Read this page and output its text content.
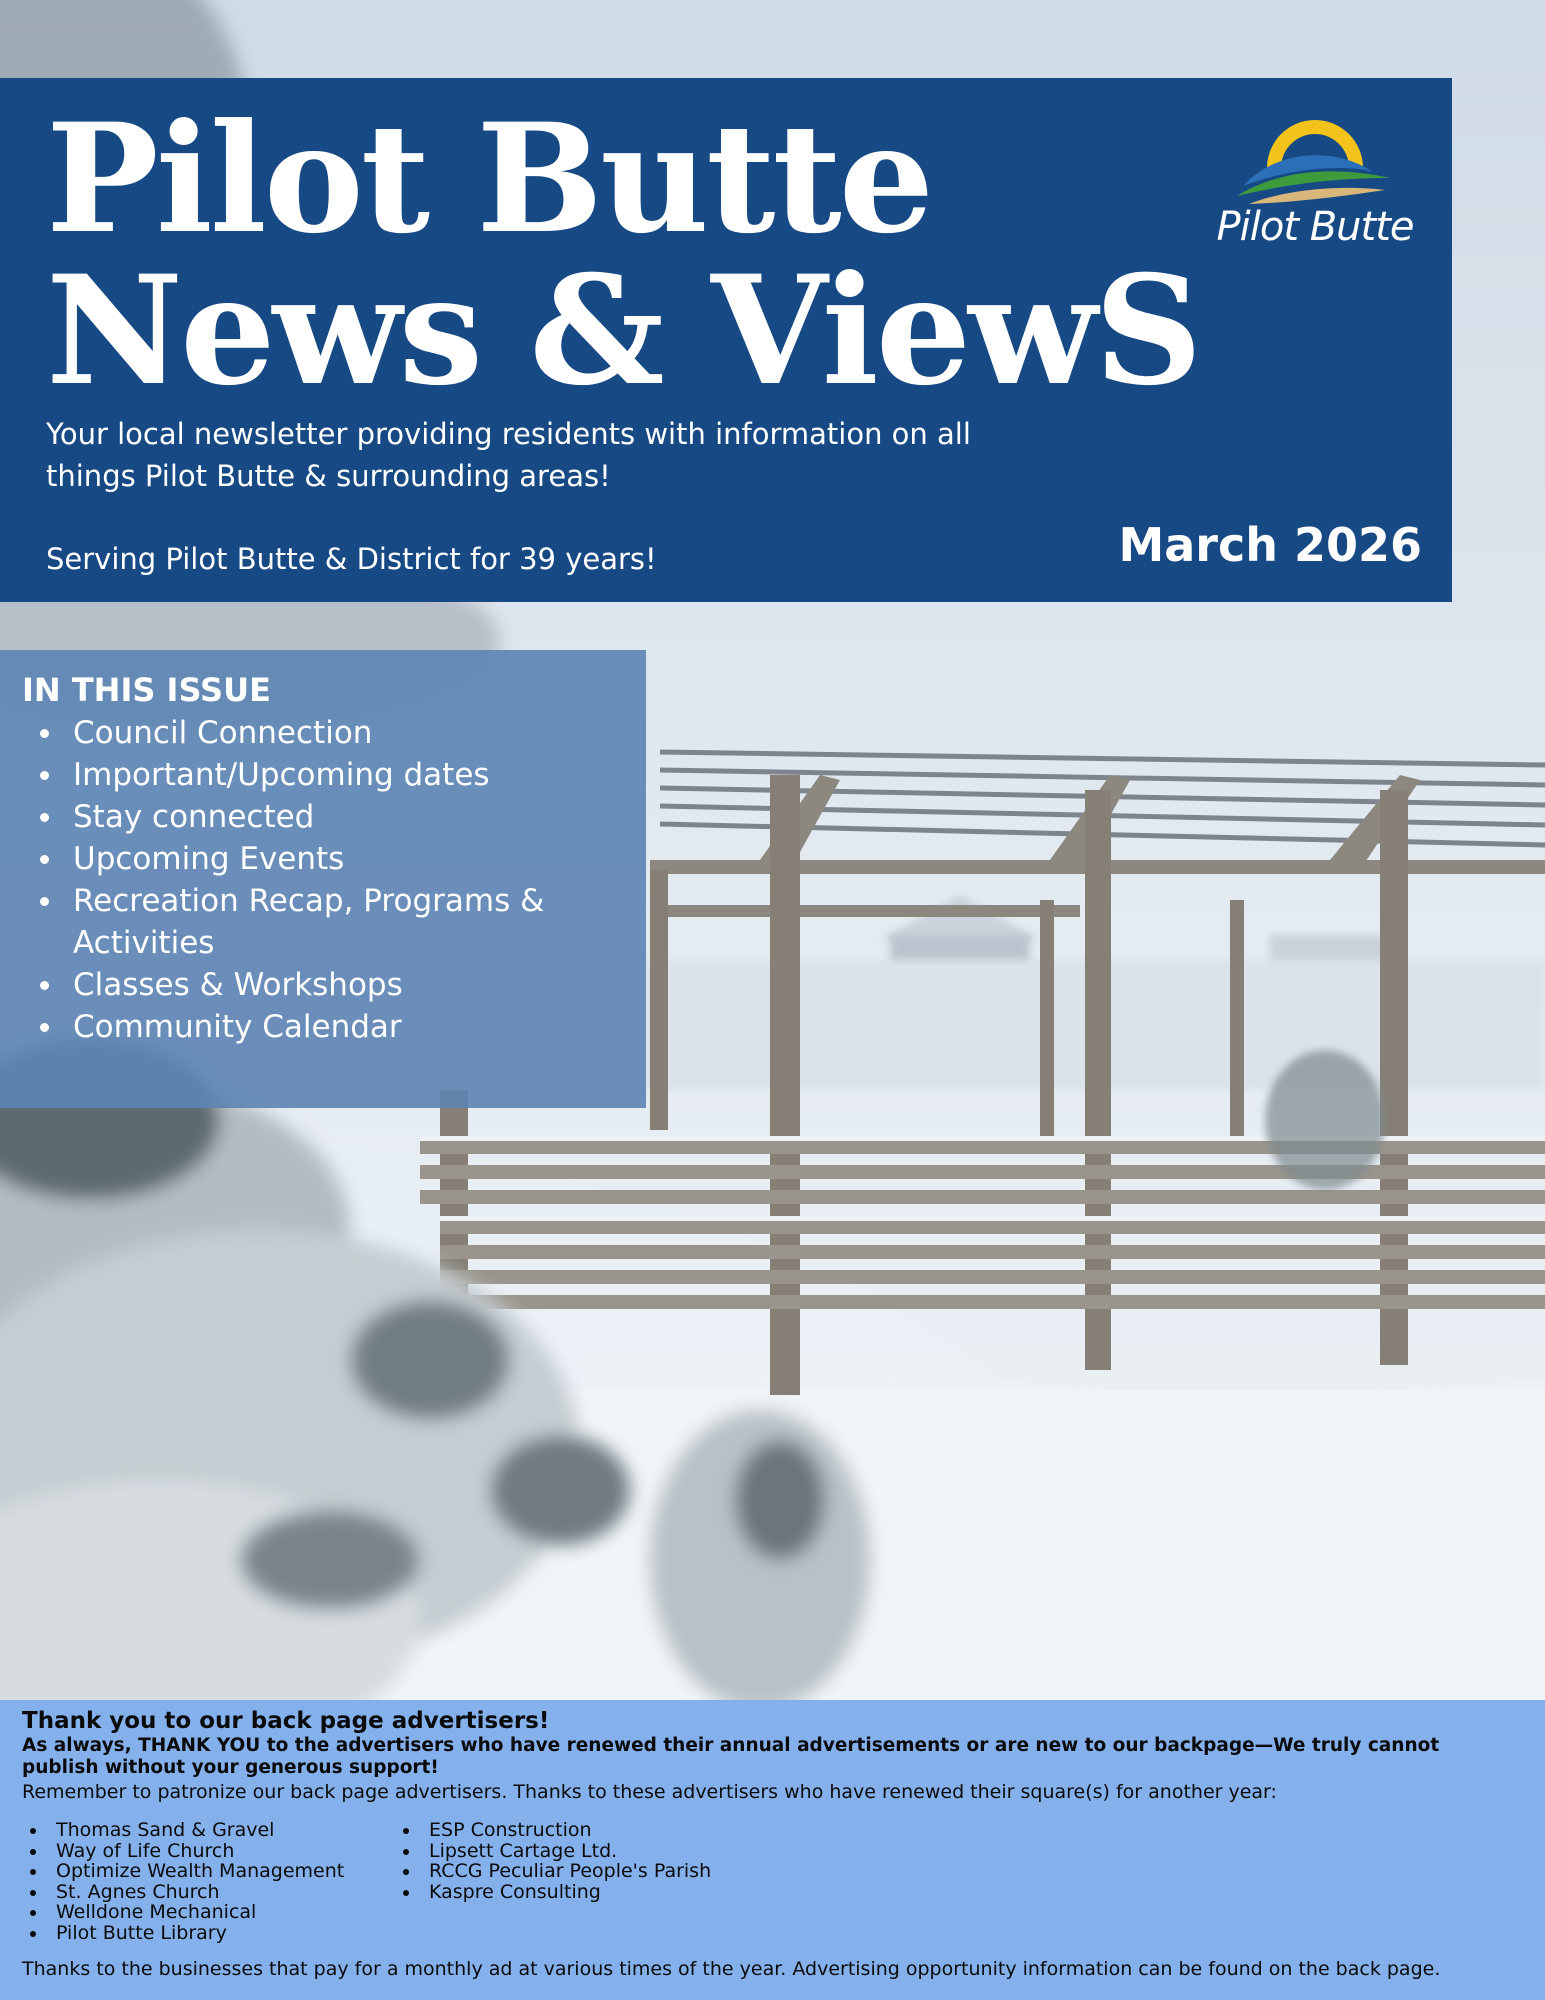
Pilot Butte
News & ViewS

Your local newsletter providing residents with information on all things Pilot Butte & surrounding areas!

Serving Pilot Butte & District for 39 years!	March 2026

Pilot Butte
IN THIS ISSUE
Council Connection
Important/Upcoming dates
Stay connected
Upcoming Events
Recreation Recap, Programs & Activities
Classes & Workshops
Community Calendar
Thank you to our back page advertisers!

As always, THANK YOU to the advertisers who have renewed their annual advertisements or are new to our backpage—We truly cannot publish without your generous support!

Remember to patronize our back page advertisers. Thanks to these advertisers who have renewed their square(s) for another year:

Thomas Sand & Gravel
Way of Life Church
Optimize Wealth Management
St. Agnes Church
Welldone Mechanical
Pilot Butte Library
ESP Construction
Lipsett Cartage Ltd.
RCCG Peculiar People's Parish
Kaspre Consulting

Thanks to the businesses that pay for a monthly ad at various times of the year. Advertising opportunity information can be found on the back page.
